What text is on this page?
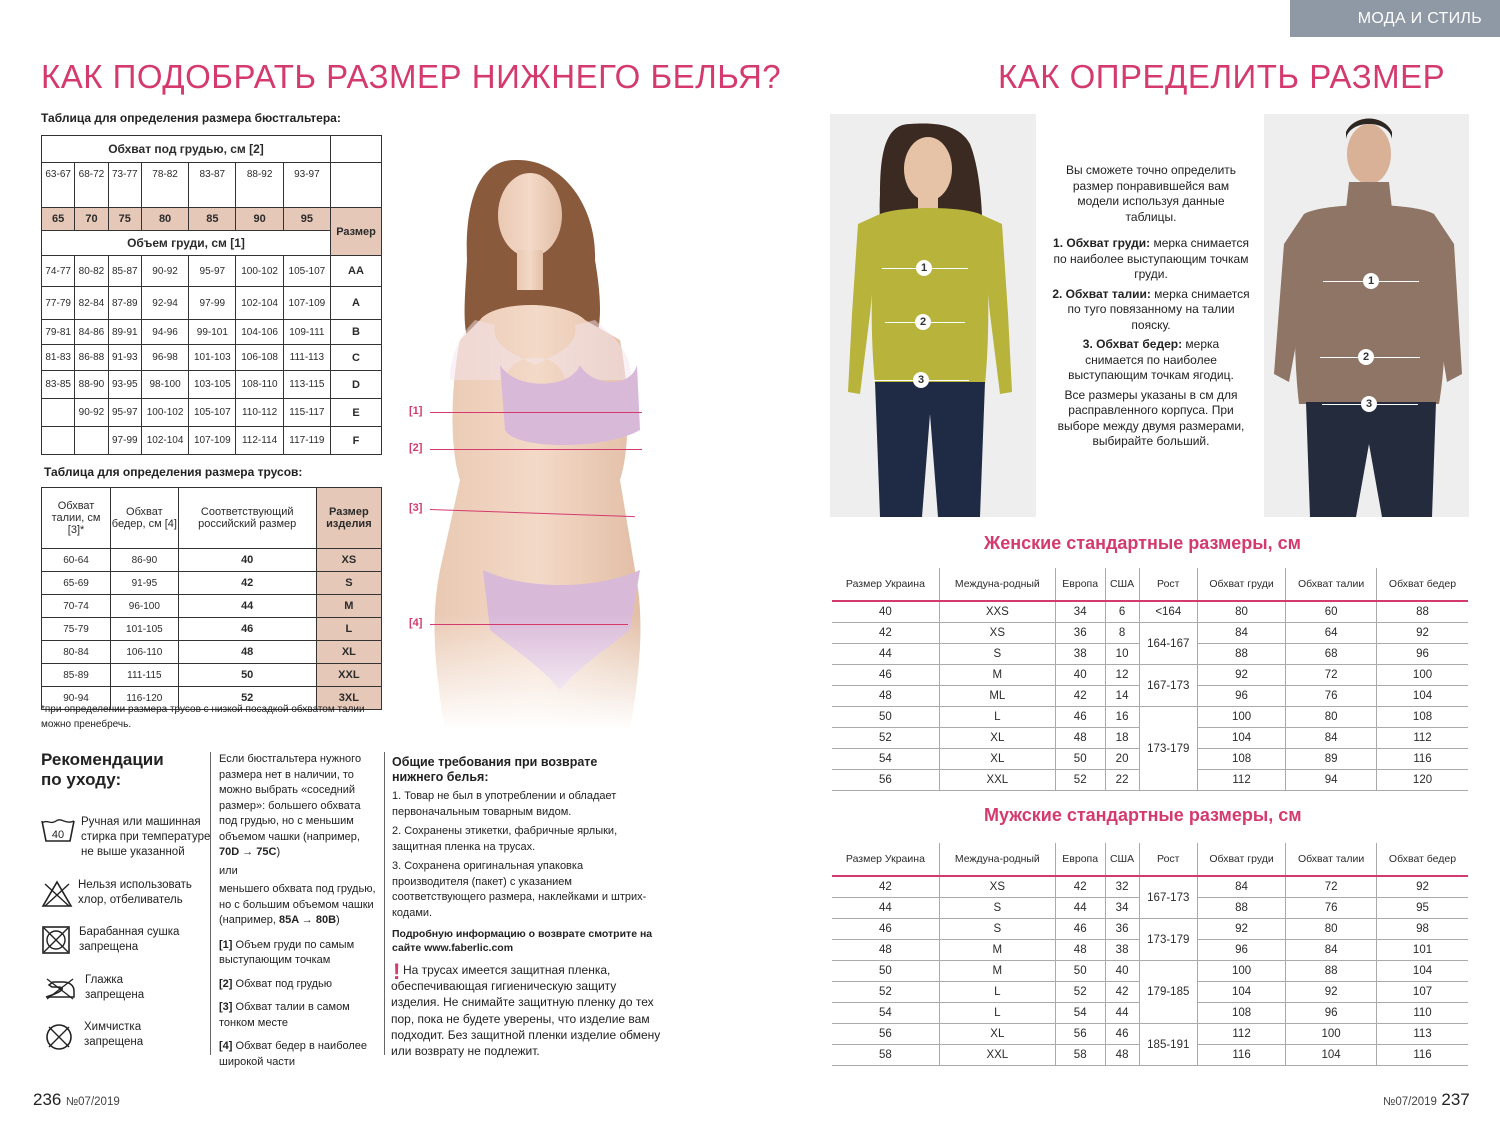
МОДА И СТИЛЬ
КАК ПОДОБРАТЬ РАЗМЕР НИЖНЕГО БЕЛЬЯ?
Таблица для определения размера бюстгальтера:
Обхват под грудью, см [2]							
63-67	68-72	73-77	78-82	83-87	88-92	93-97	
65	70	75	80	85	90	95	Размер
Объем груди, см [1]							
74-77	80-82	85-87	90-92	95-97	100-102	105-107	AA
77-79	82-84	87-89	92-94	97-99	102-104	107-109	A
79-81	84-86	89-91	94-96	99-101	104-106	109-111	B
81-83	86-88	91-93	96-98	101-103	106-108	111-113	C
83-85	88-90	93-95	98-100	103-105	108-110	113-115	D
	90-92	95-97	100-102	105-107	110-112	115-117	E
		97-99	102-104	107-109	112-114	117-119	F
Таблица для определения размера трусов:
Обхват талии, см [3]*	Обхват бедер, см [4]	Соответствующий российский размер	Размер изделия
60-64	86-90	40	XS
65-69	91-95	42	S
70-74	96-100	44	M
75-79	101-105	46	L
80-84	106-110	48	XL
85-89	111-115	50	XXL
90-94	116-120	52	3XL
*при определении размера трусов с низкой посадкой обхватом талии можно пренебречь.
[1]
[2]
[3]
[4]
Рекомендации
по уходу:
40
Ручная или машинная стирка при температуре не выше указанной
Нельзя использовать хлор, отбеливатель
Барабанная сушка запрещена
Глажка запрещена
Химчистка запрещена
Если бюстгальтера нужного размера нет в наличии, то можно выбрать «соседний размер»: большего обхвата под грудью, но с меньшим объемом чашки (например, 70D → 75C)
или
меньшего обхвата под грудью, но с большим объемом чашки (например, 85A → 80B)
[1] Объем груди по самым выступающим точкам
[2] Обхват под грудью
[3] Обхват талии в самом тонком месте
[4] Обхват бедер в наиболее широкой части
Общие требования при возврате нижнего белья:
1. Товар не был в употреблении и обладает первоначальным товарным видом.
2. Сохранены этикетки, фабричные ярлыки, защитная пленка на трусах.
3. Сохранена оригинальная упаковка производителя (пакет) с указанием соответствующего размера, наклейками и штрих-кодами.
Подробную информацию о возврате смотрите на сайте www.faberlic.com
! На трусах имеется защитная пленка, обеспечивающая гигиеническую защиту изделия. Не снимайте защитную пленку до тех пор, пока не будете уверены, что изделие вам подходит. Без защитной пленки изделие обмену или возврату не подлежит.
236 №07/2019
КАК ОПРЕДЕЛИТЬ РАЗМЕР
1
2
3
1
2
3
Вы сможете точно определить размер понравившейся вам модели используя данные таблицы.
1. Обхват груди: мерка снимается по наиболее выступающим точкам груди.
2. Обхват талии: мерка снимается по туго повязанному на талии пояску.
3. Обхват бедер: мерка снимается по наиболее выступающим точкам ягодиц.
Все размеры указаны в см для расправленного корпуса. При выборе между двумя размерами, выбирайте больший.
Женские стандартные размеры, см
Размер Украина	Междуна-родный	Европа	США	Рост	Обхват груди	Обхват талии	Обхват бедер
40	XXS	34	6	<164	80	60	88
42	XS	36	8	164-167	84	64	92
44	S	38	10		88	68	96
46	M	40	12	167-173	92	72	100
48	ML	42	14		96	76	104
50	L	46	16	173-179	100	80	108
52	XL	48	18		104	84	112
54	XL	50	20		108	89	116
56	XXL	52	22		112	94	120
Мужские стандартные размеры, см
Размер Украина	Междуна-родный	Европа	США	Рост	Обхват груди	Обхват талии	Обхват бедер
42	XS	42	32	167-173	84	72	92
44	S	44	34		88	76	95
46	S	46	36	173-179	92	80	98
48	M	48	38		96	84	101
50	M	50	40	179-185	100	88	104
52	L	52	42		104	92	107
54	L	54	44		108	96	110
56	XL	56	46	185-191	112	100	113
58	XXL	58	48		116	104	116
№07/2019 237
